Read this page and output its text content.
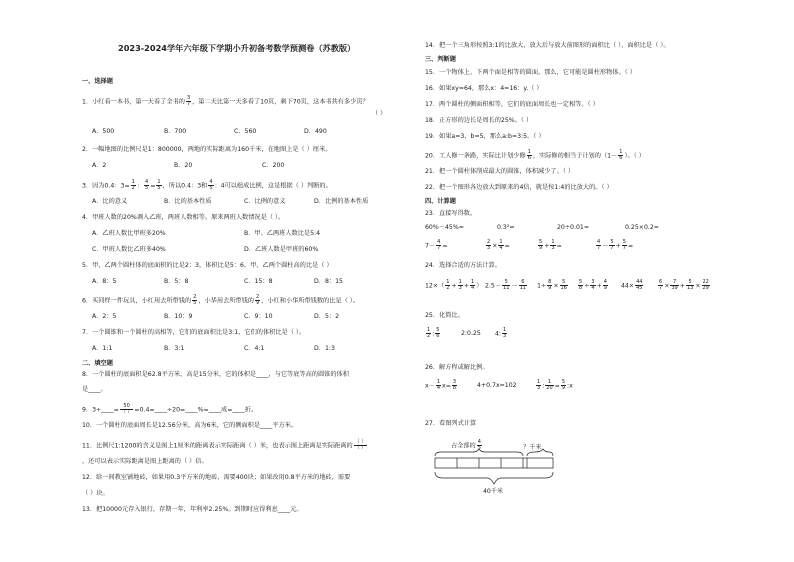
2023-2024学年六年级下学期小升初备考数学预测卷（苏教版）
一、选择题
1．小红看一本书，第一天看了全书的 $\frac{3}{7}$ ，第二天比第一天多看了10页，剩下70页，这本书共有多少页？
（ ）
A．500	B．700	C．560	D．490
2．一幅地图的比例尺是1：800000，两地的实际距离为160千米，在地图上是（ ）厘米。
A．2	B．20	C．200
3．因为0.4：$3= \frac{1}{2}$ ： $\frac{4}{5} = \frac{1}{5}$ ，所以0.4：3和 $\frac{4}{5}$ ：4可以组成比例，这是根据（ ）判断的。
A．比的意义	B．比的基本性质	C．比例的意义	D．比例的基本性质
4．甲班人数的20%调入乙班，两班人数相等。原来两班人数情况是（ ）。
A．乙班人数比甲班多20%	B．甲、乙两班人数比是5:4
C．甲班人数比乙班多40%	D．乙班人数是甲班的60%
5．甲、乙两个圆柱体的底面积的比是2：3，体积比是5：6，甲、乙两个圆柱高的比是（ ）
A．8：5	B．5：8	C．15：8	D．8：15
6．买同样一件玩具，小红用去所带钱的 $\frac{2}{5}$ ，小华用去所带钱的 $\frac{2}{9}$ ，小红和小华所带钱数的比是（ ）。
A．2：5	B．10：9	C．9：10	D．5：2
7．一个圆锥和一个圆柱的高相等，它们的底面积比是3:1，它们的体积比是（ ）。
A．1:1	B．3:1	C．4:1	D．1:3
二、填空题
8．一个圆柱的底面积是62.8平方米，高是15分米，它的体积是____，与它等底等高的圆锥的体积
是____。
9．3÷____= $\frac{50}{( )}$ =0.4=____÷20=____%=____成=____折。
10．一个圆柱的底面周长是12.56分米，高为6米，它的侧面积是____平方米。
11．比例尺1:1200的含义是图上1厘米的距离表示实际距离（ ）米，也表示图上距离是实际距离的 $\frac{( )}{( )}$
，还可以表示实际距离是图上距离的（ ）倍。
12．给一间教室铺地砖，如果用0.3平方米的地砖，需要400块；如果改用0.8平方米的地砖，需要
（ ）块。
13．把10000元存入银行，存期一年，年利率2.25%。到期时应得利息____元。
14．把一个三角形按照3:1的比放大，放大后与放大前图形的面积比（ ），面积比是（ ）。
三、判断题
15．一个物体上、下两个面是相等的圆面，那么，它可能是圆柱形物体。（ ）
16．如果xy=64，那么x：4=16：y.（ ）
17．两个圆柱的侧面积相等，它们的底面周长也一定相等。（ ）
18．正方形的边长是周长的25%。（ ）
19．如果a=3，b=5，那么a:b=3:5。（ ）
20．工人修一条路，实际比计划少修 $\frac{1}{6}$ ，实际修的相当于计划的（$1- \frac{1}{6}$ ）。（ ）
21．把一个圆柱体削成最大的圆锥，体积减少了。（ ）
22．把一个图形各边放大到原来的4倍，就是按1:4的比放大的。（ ）
四、计算题
23．直接写得数。
60%－45%=	0.3²=	20÷0.01=	0.25×0.2=
$7- \frac{4}{7}$ =	$\frac{2}{3} \times \frac{1}{4}$ =	$\frac{5}{9} + \frac{1}{3}$ =	$\frac{4}{7} - \frac{5}{7} + \frac{5}{7}$ =
24．选择合适的方法计算。
$12\times( \frac{1}{2} + \frac{1}{3} + \frac{1}{4}$ ） $2.5- \frac{5}{11} - \frac{6}{11} 1\div \frac{8}{9} \times \frac{5}{16} \frac{5}{8} \div \frac{3}{4} + \frac{4}{9} 44\times \frac{44}{45}$	$\frac{6}{7} \times \frac{7}{39} + \frac{5}{13} \times \frac{22}{29}$
25．化简比。
$\frac{1}{2}$ : $\frac{5}{6}$	2:0.25 4: $\frac{1}{3}$
26．解方程或解比例。
$x- \frac{1}{4} x= \frac{3}{8}$	4+0.7x=102	$\frac{1}{3}$ : $\frac{1}{20} = \frac{5}{9}$ :x
27．看图列式计算
占全部的 $\frac{4}{5}$	？千米
40千米
